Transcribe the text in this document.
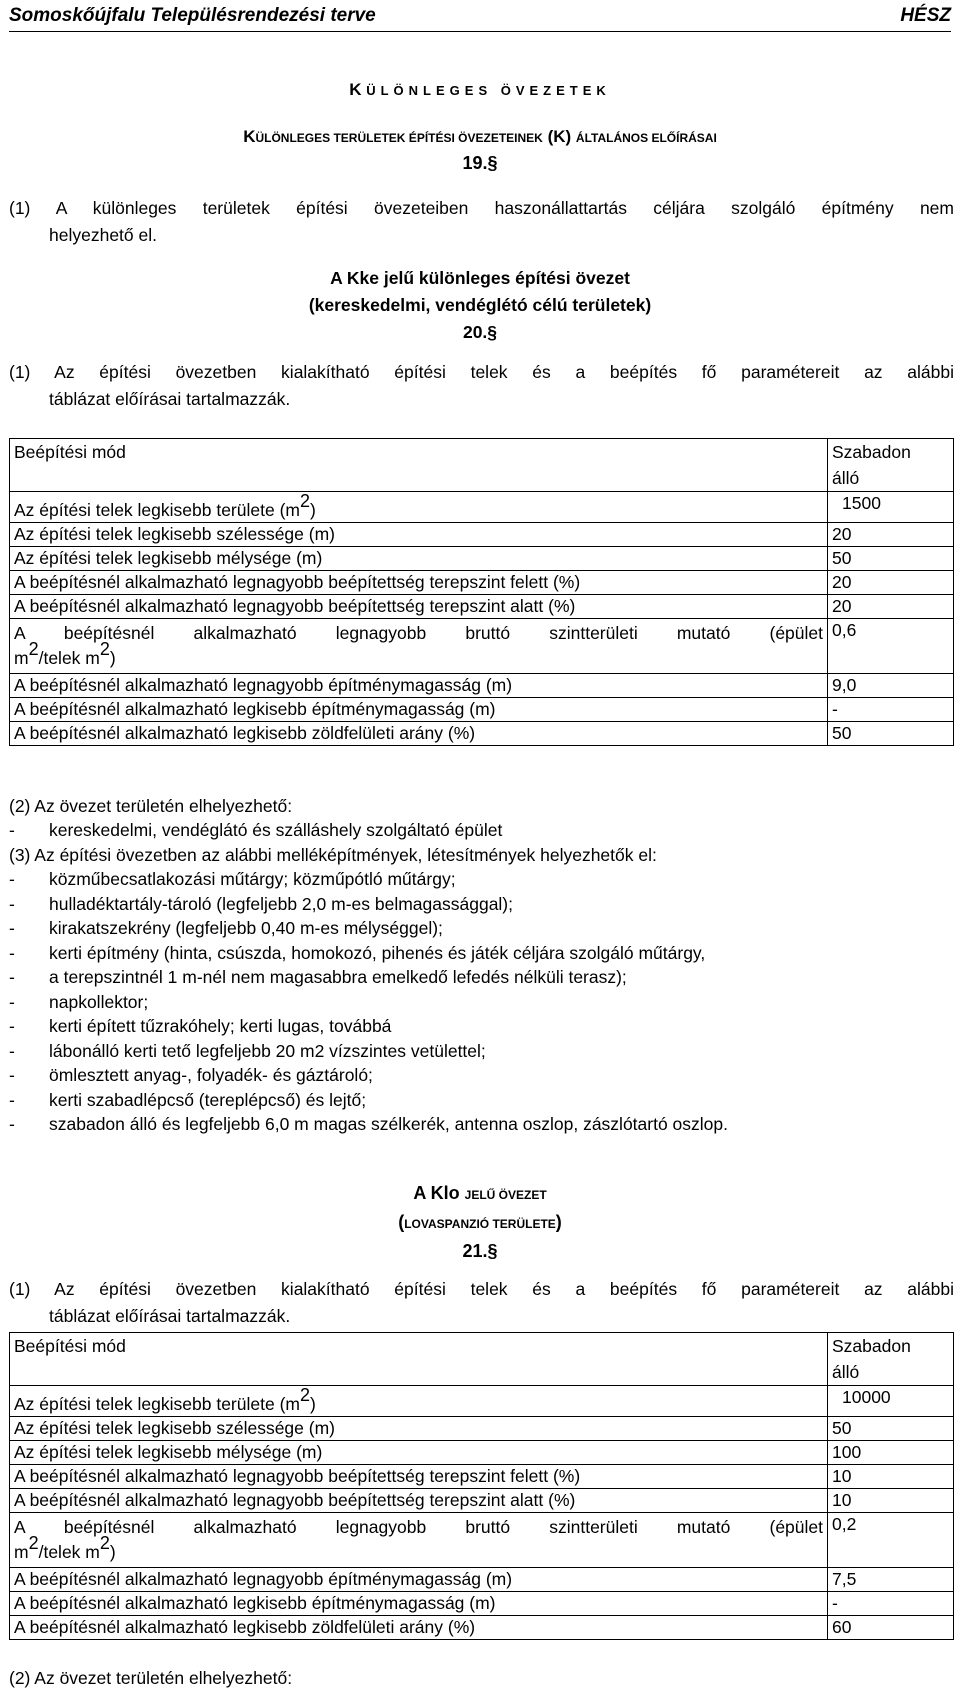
Somoskőújfalu Településrendezési terve	HÉSZ
K ÜLÖNLEGES ÖVEZETEK
KÜLÖNLEGES TERÜLETEK ÉPÍTÉSI ÖVEZETEINEK (K) ÁLTALÁNOS ELŐÍRÁSAI
19.§
(1) A különleges területek építési övezeteiben haszonállattartás céljára szolgáló építmény nem
helyezhető el.
A Kke jelű különleges építési övezet
(kereskedelmi, vendéglétó célú területek)
20.§
(1) Az építési övezetben kialakítható építési telek és a beépítés fő paramétereit az alábbi
táblázat előírásai tartalmazzák.
Beépítési mód	Szabadon
álló

Az építési telek legkisebb területe $(m^2)$	1500
Az építési telek legkisebb szélessége (m)	20
Az építési telek legkisebb mélysége (m)	50
A beépítésnél alkalmazható legnagyobb beépítettség terepszint felett (%)	20
A beépítésnél alkalmazható legnagyobb beépítettség terepszint alatt (%)	20

A beépítésnél alkalmazható legnagyobb bruttó szintterületi mutató (épület
$m^2$/telek $m^2$)	0,6
A beépítésnél alkalmazható legnagyobb építménymagasság (m)	9,0
A beépítésnél alkalmazható legkisebb építménymagasság (m)	-
A beépítésnél alkalmazható legkisebb zöldfelületi arány (%)	50
(2) Az övezet területén elhelyezhető:
-	kereskedelmi, vendéglátó és szálláshely szolgáltató épület
(3) Az építési övezetben az alábbi melléképítmények, létesítmények helyezhetők el:
-	közműbecsatlakozási műtárgy; közműpótló műtárgy;
-	hulladéktartály-tároló (legfeljebb 2,0 m-es belmagassággal);
-	kirakatszekrény (legfeljebb 0,40 m-es mélységgel);
-	kerti építmény (hinta, csúszda, homokozó, pihenés és játék céljára szolgáló műtárgy,
-	a terepszintnél 1 m-nél nem magasabbra emelkedő lefedés nélküli terasz);
-	napkollektor;
-	kerti épített tűzrakóhely; kerti lugas, továbbá
-	lábonálló kerti tető legfeljebb 20 m2 vízszintes vetülettel;
-	ömlesztett anyag-, folyadék- és gáztároló;
-	kerti szabadlépcső (tereplépcső) és lejtő;
-	szabadon álló és legfeljebb 6,0 m magas szélkerék, antenna oszlop, zászlótartó oszlop.
A Klo JELŰ ÖVEZET
(LOVASPANZIÓ TERÜLETE)
21.§
(1) Az építési övezetben kialakítható építési telek és a beépítés fő paramétereit az alábbi
táblázat előírásai tartalmazzák.
Beépítési mód	Szabadon
álló

Az építési telek legkisebb területe $(m^2)$	10000
Az építési telek legkisebb szélessége (m)	50
Az építési telek legkisebb mélysége (m)	100
A beépítésnél alkalmazható legnagyobb beépítettség terepszint felett (%)	10
A beépítésnél alkalmazható legnagyobb beépítettség terepszint alatt (%)	10

A beépítésnél alkalmazható legnagyobb bruttó szintterületi mutató (épület
$m^2$/telek $m^2$)	0,2
A beépítésnél alkalmazható legnagyobb építménymagasság (m)	7,5
A beépítésnél alkalmazható legkisebb építménymagasság (m)	-
A beépítésnél alkalmazható legkisebb zöldfelületi arány (%)	60
(2) Az övezet területén elhelyezhető:
